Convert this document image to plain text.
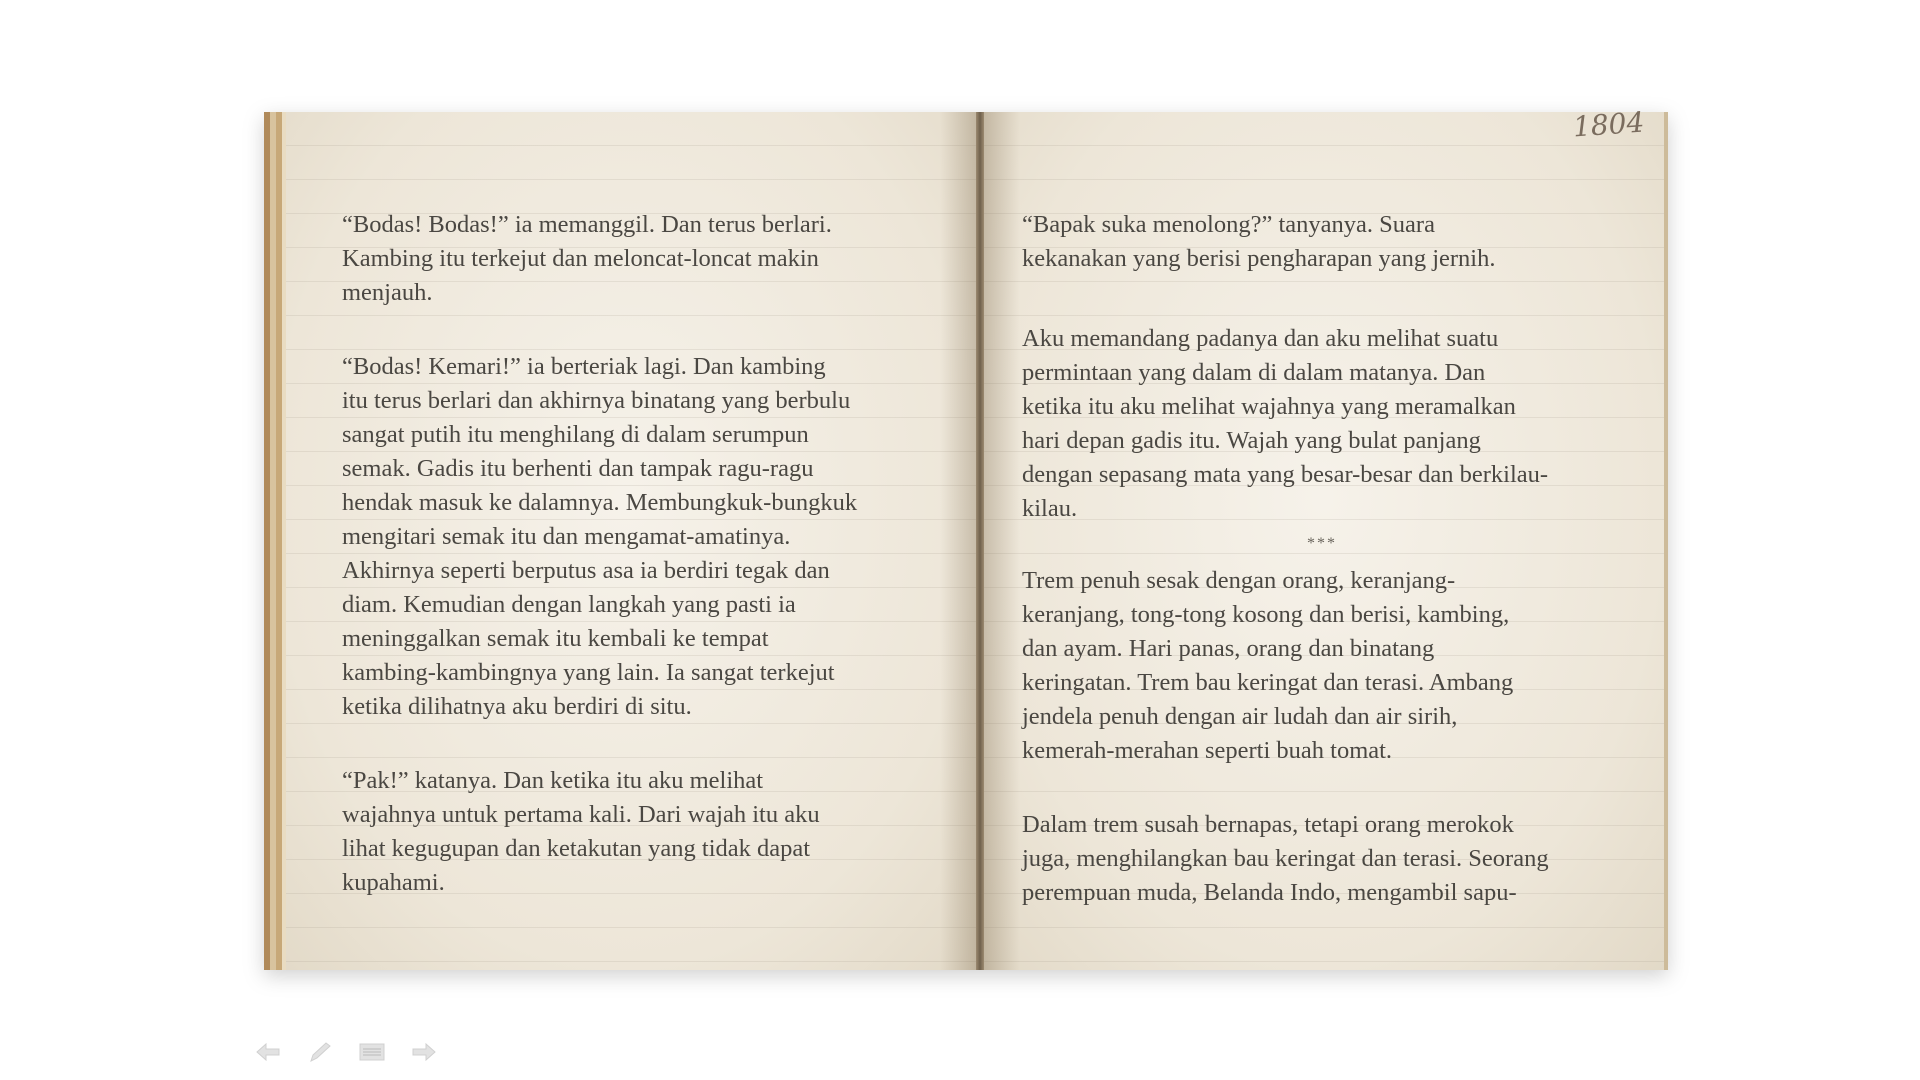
“Bodas! Bodas!” ia memanggil. Dan terus berlari.
Kambing itu terkejut dan meloncat-loncat makin
menjauh.

“Bodas! Kemari!” ia berteriak lagi. Dan kambing
itu terus berlari dan akhirnya binatang yang berbulu
sangat putih itu menghilang di dalam serumpun
semak. Gadis itu berhenti dan tampak ragu-ragu
hendak masuk ke dalamnya. Membungkuk-bungkuk
mengitari semak itu dan mengamat-amatinya.
Akhirnya seperti berputus asa ia berdiri tegak dan
diam. Kemudian dengan langkah yang pasti ia
meninggalkan semak itu kembali ke tempat
kambing-kambingnya yang lain. Ia sangat terkejut
ketika dilihatnya aku berdiri di situ.

“Pak!” katanya. Dan ketika itu aku melihat
wajahnya untuk pertama kali. Dari wajah itu aku
lihat kegugupan dan ketakutan yang tidak dapat
kupahami.

1804

“Bapak suka menolong?” tanyanya. Suara
kekanakan yang berisi pengharapan yang jernih.

Aku memandang padanya dan aku melihat suatu
permintaan yang dalam di dalam matanya. Dan
ketika itu aku melihat wajahnya yang meramalkan
hari depan gadis itu. Wajah yang bulat panjang
dengan sepasang mata yang besar-besar dan berkilau-
kilau.

***

Trem penuh sesak dengan orang, keranjang-
keranjang, tong-tong kosong dan berisi, kambing,
dan ayam. Hari panas, orang dan binatang
keringatan. Trem bau keringat dan terasi. Ambang
jendela penuh dengan air ludah dan air sirih,
kemerah-merahan seperti buah tomat.

Dalam trem susah bernapas, tetapi orang merokok
juga, menghilangkan bau keringat dan terasi. Seorang
perempuan muda, Belanda Indo, mengambil sapu-
